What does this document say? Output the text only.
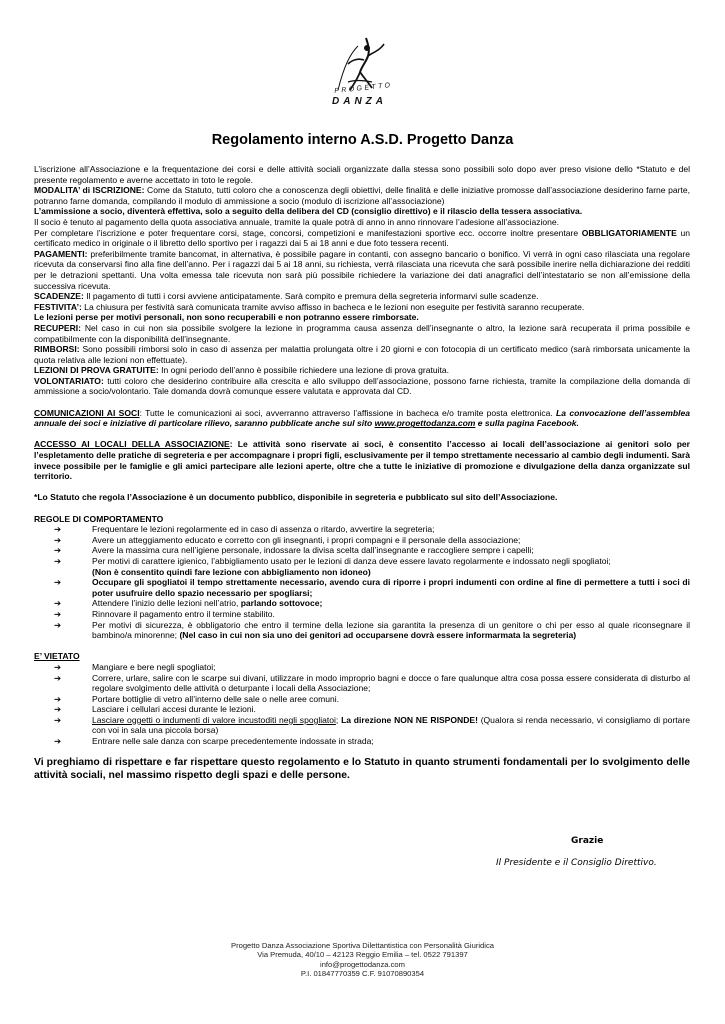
PROGETTO
DANZA
Regolamento interno A.S.D. Progetto Danza

L’iscrizione all’Associazione e la frequentazione dei corsi e delle attività sociali organizzate dalla stessa sono possibili solo dopo aver preso visione dello *Statuto e del presente regolamento e averne accettato in toto le regole.

MODALITA’ di ISCRIZIONE: Come da Statuto, tutti coloro che a conoscenza degli obiettivi, delle finalità e delle iniziative promosse dall’associazione desiderino farne parte, potranno farne domanda, compilando il modulo di ammissione a socio (modulo di iscrizione all’associazione)

L’ammissione a socio, diventerà effettiva, solo a seguito della delibera del CD (consiglio direttivo) e il rilascio della tessera associativa.

Il socio è tenuto al pagamento della quota associativa annuale, tramite la quale potrà di anno in anno rinnovare l’adesione all’associazione.

Per completare l’iscrizione e poter frequentare corsi, stage, concorsi, competizioni e manifestazioni sportive ecc. occorre inoltre presentare OBBLIGATORIAMENTE un certificato medico in originale o il libretto dello sportivo per i ragazzi dai 5 ai 18 anni e due foto tessera recenti.

PAGAMENTI: preferibilmente tramite bancomat, in alternativa, è possibile pagare in contanti, con assegno bancario o bonifico. Vi verrà in ogni caso rilasciata una regolare ricevuta da conservarsi fino alla fine dell’anno. Per i ragazzi dai 5 ai 18 anni, su richiesta, verrà rilasciata una ricevuta che sarà possibile inerire nella dichiarazione dei redditi per le detrazioni spettanti. Una volta emessa tale ricevuta non sarà più possibile richiedere la variazione dei dati anagrafici dell’intestatario se non all’emissione della successiva ricevuta.

SCADENZE: Il pagamento di tutti i corsi avviene anticipatamente. Sarà compito e premura della segreteria informarvi sulle scadenze.

FESTIVITA’: La chiusura per festività sarà comunicata tramite avviso affisso in bacheca e le lezioni non eseguite per festività saranno recuperate.

Le lezioni perse per motivi personali, non sono recuperabili e non potranno essere rimborsate.

RECUPERI: Nel caso in cui non sia possibile svolgere la lezione in programma causa assenza dell’insegnante o altro, la lezione sarà recuperata il prima possibile e compatibilmente con la disponibilità dell’insegnante.

RIMBORSI: Sono possibili rimborsi solo in caso di assenza per malattia prolungata oltre i 20 giorni e con fotocopia di un certificato medico (sarà rimborsata unicamente la quota relativa alle lezioni non effettuate).

LEZIONI DI PROVA GRATUITE: In ogni periodo dell’anno è possibile richiedere una lezione di prova gratuita.

VOLONTARIATO: tutti coloro che desiderino contribuire alla crescita e allo sviluppo dell’associazione, possono farne richiesta, tramite la compilazione della domanda di ammissione a socio/volontario. Tale domanda dovrà comunque essere valutata e approvata dal CD.

COMUNICAZIONI AI SOCI: Tutte le comunicazioni ai soci, avverranno attraverso l’affissione in bacheca e/o tramite posta elettronica. La convocazione dell’assemblea annuale dei soci e iniziative di particolare rilievo, saranno pubblicate anche sul sito www.progettodanza.com e sulla pagina Facebook.

ACCESSO AI LOCALI DELLA ASSOCIAZIONE: Le attività sono riservate ai soci, è consentito l’accesso ai locali dell’associazione ai genitori solo per l’espletamento delle pratiche di segreteria e per accompagnare i propri figli, esclusivamente per il tempo strettamente necessario al cambio degli indumenti. Sarà invece possibile per le famiglie e gli amici partecipare alle lezioni aperte, oltre che a tutte le iniziative di promozione e divulgazione della danza organizzate sul territorio.

*Lo Statuto che regola l’Associazione è un documento pubblico, disponibile in segreteria e pubblicato sul sito dell’Associazione.

REGOLE DI COMPORTAMENTO

➔	Frequentare le lezioni regolarmente ed in caso di assenza o ritardo, avvertire la segreteria;
➔	Avere un atteggiamento educato e corretto con gli insegnanti, i propri compagni e il personale della associazione;
➔	Avere la massima cura nell’igiene personale, indossare la divisa scelta dall’insegnante e raccogliere sempre i capelli;
➔	Per motivi di carattere igienico, l’abbigliamento usato per le lezioni di danza deve essere lavato regolarmente e indossato negli spogliatoi;
(Non è consentito quindi fare lezione con abbigliamento non idoneo)
➔	Occupare gli spogliatoi il tempo strettamente necessario, avendo cura di riporre i propri indumenti con ordine al fine di permettere a tutti i soci di poter usufruire dello spazio necessario per spogliarsi;
➔	Attendere l’inizio delle lezioni nell’atrio, parlando sottovoce;
➔	Rinnovare il pagamento entro il termine stabilito.
➔	Per motivi di sicurezza, è obbligatorio che entro il termine della lezione sia garantita la presenza di un genitore o chi per esso al quale riconsegnare il bambino/a minorenne; (Nel caso in cui non sia uno dei genitori ad occuparsene dovrà essere informarmata la segreteria)

E’ VIETATO

➔	Mangiare e bere negli spogliatoi;
➔	Correre, urlare, salire con le scarpe sui divani, utilizzare in modo improprio bagni e docce o fare qualunque altra cosa possa essere considerata di disturbo al regolare svolgimento delle attività o deturpante i locali della Associazione;
➔	Portare bottiglie di vetro all’interno delle sale o nelle aree comuni.
➔	Lasciare i cellulari accesi durante le lezioni.
➔	Lasciare oggetti o indumenti di valore incustoditi negli spogliatoi; La direzione NON NE RISPONDE! (Qualora si renda necessario, vi consigliamo di portare con voi in sala una piccola borsa)
➔	Entrare nelle sale danza con scarpe precedentemente indossate in strada;

Vi preghiamo di rispettare e far rispettare questo regolamento e lo Statuto in quanto strumenti fondamentali per lo svolgimento delle attività sociali, nel massimo rispetto degli spazi e delle persone.

Grazie
Il Presidente e il Consiglio Direttivo.
Progetto Danza Associazione Sportiva Dilettantistica con Personalità Giuridica
Via Premuda, 40/10 – 42123 Reggio Emilia – tel. 0522 791397
info@progettodanza.com
P.I. 01847770359 C.F. 91070890354
